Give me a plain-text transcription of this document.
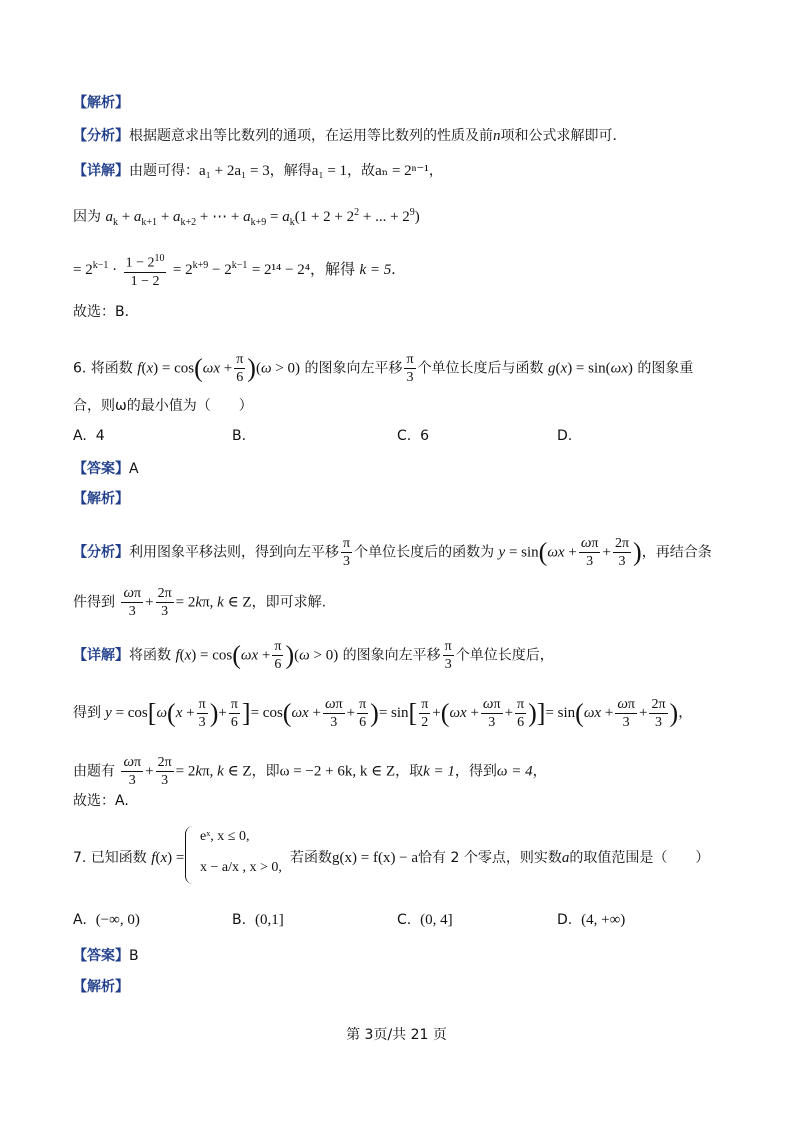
【解析】
【分析】根据题意求出等比数列的通项，在运用等比数列的性质及前n项和公式求解即可．
【详解】由题可得：a₁ + 2a₁ = 3，解得a₁ = 1，故aₙ = 2ⁿ⁻¹，
因为 $a_k + a_{k+1} + a_{k+2}$ + ⋯ + $a_{k+9} = a_k(1 + 2 + 2^2$ + ... + $2^9$)
= $2^{k-1} \cdot \frac{1 - 2^{10}}{1 - 2} = 2^{k+9} - 2^{k-1} = 2^{14} - 2^4$，解得 k = 5．
故选：B．
6. 将函数 $f(x) = \cos(\omega x + \frac{\pi}{6} )(\omega > 0)$ 的图象向左平移 $\frac{\pi}{3}$ 个单位长度后与函数 g(x) = sin(ωx) 的图象重
合，则ω的最小值为（　　）
A. 4	B.	C. 6	D.
【答案】A
【解析】
【分析】利用图象平移法则，得到向左平移 $\frac{\pi}{3}$ 个单位长度后的函数为 $y = \sin(\omega x + \frac{\omega\pi}{3} + \frac{2\pi}{3}$ )，再结合条
件得到 $\frac{\omega\pi}{3} + \frac{2\pi}{3} = 2k\pi$, k ∈ Z，即可求解.
【详解】将函数 $f(x) = \cos(\omega x + \frac{\pi}{6} )(\omega > 0)$ 的图象向左平移 $\frac{\pi}{3}$ 个单位长度后，
得到 $y = \cos[\omega(x + \frac{\pi}{3}$ )+ $\frac{\pi}{6}$ ]= $\cos(\omega x + \frac{\omega\pi}{3} + \frac{\pi}{6}$ )= $\sin[ \frac{\pi}{2} +(\omega x + \frac{\omega\pi}{3} + \frac{\pi}{6}$ )]= $\sin(\omega x + \frac{\omega\pi}{3} + \frac{2\pi}{3}$ )，
由题有 $\frac{\omega\pi}{3} + \frac{2\pi}{3} = 2k\pi$, k ∈ Z，即ω = −2 + 6k, k ∈ Z，取k = 1，得到ω = 4，
故选：A.
7. 已知函数 f(x) =
eˣ, x ≤ 0,
x − a/x , x > 0,
若函数g(x) = f(x) − a恰有 2 个零点，则实数a的取值范围是（　　）
A. (−∞, 0)	B. (0,1]	C. (0, 4]	D. (4, +∞)
【答案】B
【解析】
第 3页/共 21 页
